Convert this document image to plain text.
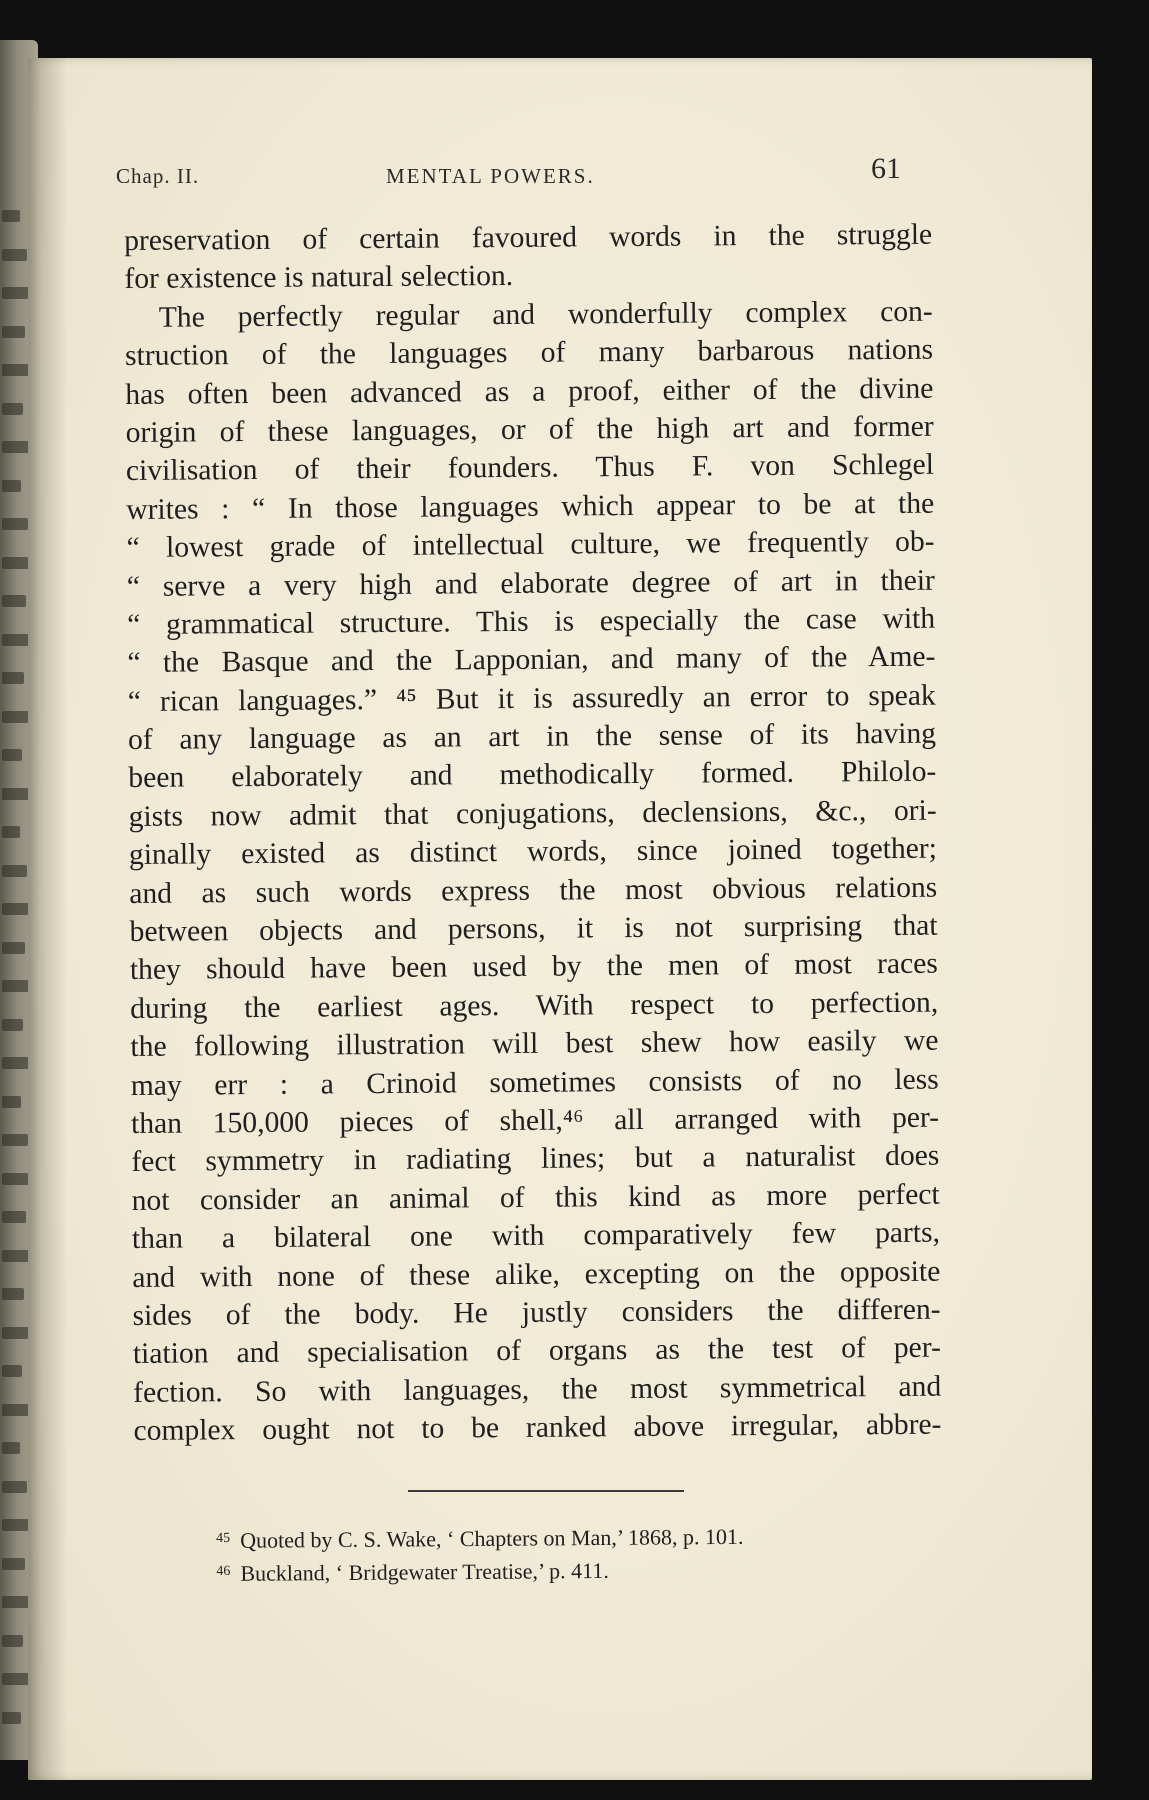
Chap. II.	MENTAL POWERS.	61
preservation of certain favoured words in the struggle
for existence is natural selection.
The perfectly regular and wonderfully complex con-
struction of the languages of many barbarous nations
has often been advanced as a proof, either of the divine
origin of these languages, or of the high art and former
civilisation of their founders. Thus F. von Schlegel
writes : “ In those languages which appear to be at the
“ lowest grade of intellectual culture, we frequently ob-
“ serve a very high and elaborate degree of art in their
“ grammatical structure. This is especially the case with
“ the Basque and the Lapponian, and many of the Ame-
“ rican languages.” ⁴⁵ But it is assuredly an error to speak
of any language as an art in the sense of its having
been elaborately and methodically formed. Philolo-
gists now admit that conjugations, declensions, &c., ori-
ginally existed as distinct words, since joined together;
and as such words express the most obvious relations
between objects and persons, it is not surprising that
they should have been used by the men of most races
during the earliest ages. With respect to perfection,
the following illustration will best shew how easily we
may err : a Crinoid sometimes consists of no less
than 150,000 pieces of shell,⁴⁶ all arranged with per-
fect symmetry in radiating lines; but a naturalist does
not consider an animal of this kind as more perfect
than a bilateral one with comparatively few parts,
and with none of these alike, excepting on the opposite
sides of the body. He justly considers the differen-
tiation and specialisation of organs as the test of per-
fection. So with languages, the most symmetrical and
complex ought not to be ranked above irregular, abbre-
$^{45}$ Quoted by C. S. Wake, ‘ Chapters on Man,’ 1868, p. 101.
$^{46}$ Buckland, ‘ Bridgewater Treatise,’ p. 411.
